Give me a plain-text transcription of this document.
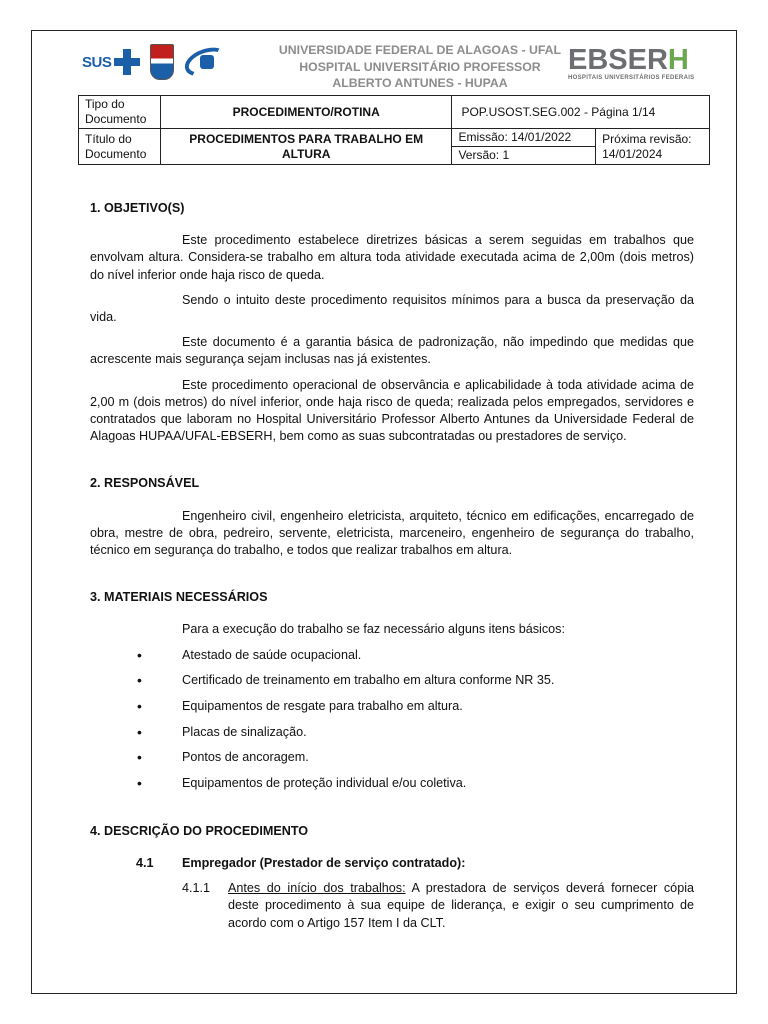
SUS
UNIVERSIDADE FEDERAL DE ALAGOAS - UFAL
HOSPITAL UNIVERSITÁRIO PROFESSOR
ALBERTO ANTUNES - HUPAA
EBSERH
HOSPITAIS UNIVERSITÁRIOS FEDERAIS
Tipo do Documento	PROCEDIMENTO/ROTINA	POP.USOST.SEG.002 - Página 1/14	
Título do Documento	PROCEDIMENTOS PARA TRABALHO EM ALTURA	Emissão: 14/01/2022	Próxima revisão: 14/01/2024
		Versão: 1	

1. OBJETIVO(S)

Este procedimento estabelece diretrizes básicas a serem seguidas em trabalhos que envolvam altura. Considera-se trabalho em altura toda atividade executada acima de 2,00m (dois metros) do nível inferior onde haja risco de queda.

Sendo o intuito deste procedimento requisitos mínimos para a busca da preservação da vida.

Este documento é a garantia básica de padronização, não impedindo que medidas que acrescente mais segurança sejam inclusas nas já existentes.

Este procedimento operacional de observância e aplicabilidade à toda atividade acima de 2,00 m (dois metros) do nível inferior, onde haja risco de queda; realizada pelos empregados, servidores e contratados que laboram no Hospital Universitário Professor Alberto Antunes da Universidade Federal de Alagoas HUPAA/UFAL-EBSERH, bem como as suas subcontratadas ou prestadores de serviço.

2. RESPONSÁVEL

Engenheiro civil, engenheiro eletricista, arquiteto, técnico em edificações, encarregado de obra, mestre de obra, pedreiro, servente, eletricista, marceneiro, engenheiro de segurança do trabalho, técnico em segurança do trabalho, e todos que realizar trabalhos em altura.

3. MATERIAIS NECESSÁRIOS

Para a execução do trabalho se faz necessário alguns itens básicos:

• Atestado de saúde ocupacional.
• Certificado de treinamento em trabalho em altura conforme NR 35.
• Equipamentos de resgate para trabalho em altura.
• Placas de sinalização.
• Pontos de ancoragem.
• Equipamentos de proteção individual e/ou coletiva.

4. DESCRIÇÃO DO PROCEDIMENTO

4.1	Empregador (Prestador de serviço contratado):
4.1.1	Antes do início dos trabalhos: A prestadora de serviços deverá fornecer cópia deste procedimento à sua equipe de liderança, e exigir o seu cumprimento de acordo com o Artigo 157 Item I da CLT.
